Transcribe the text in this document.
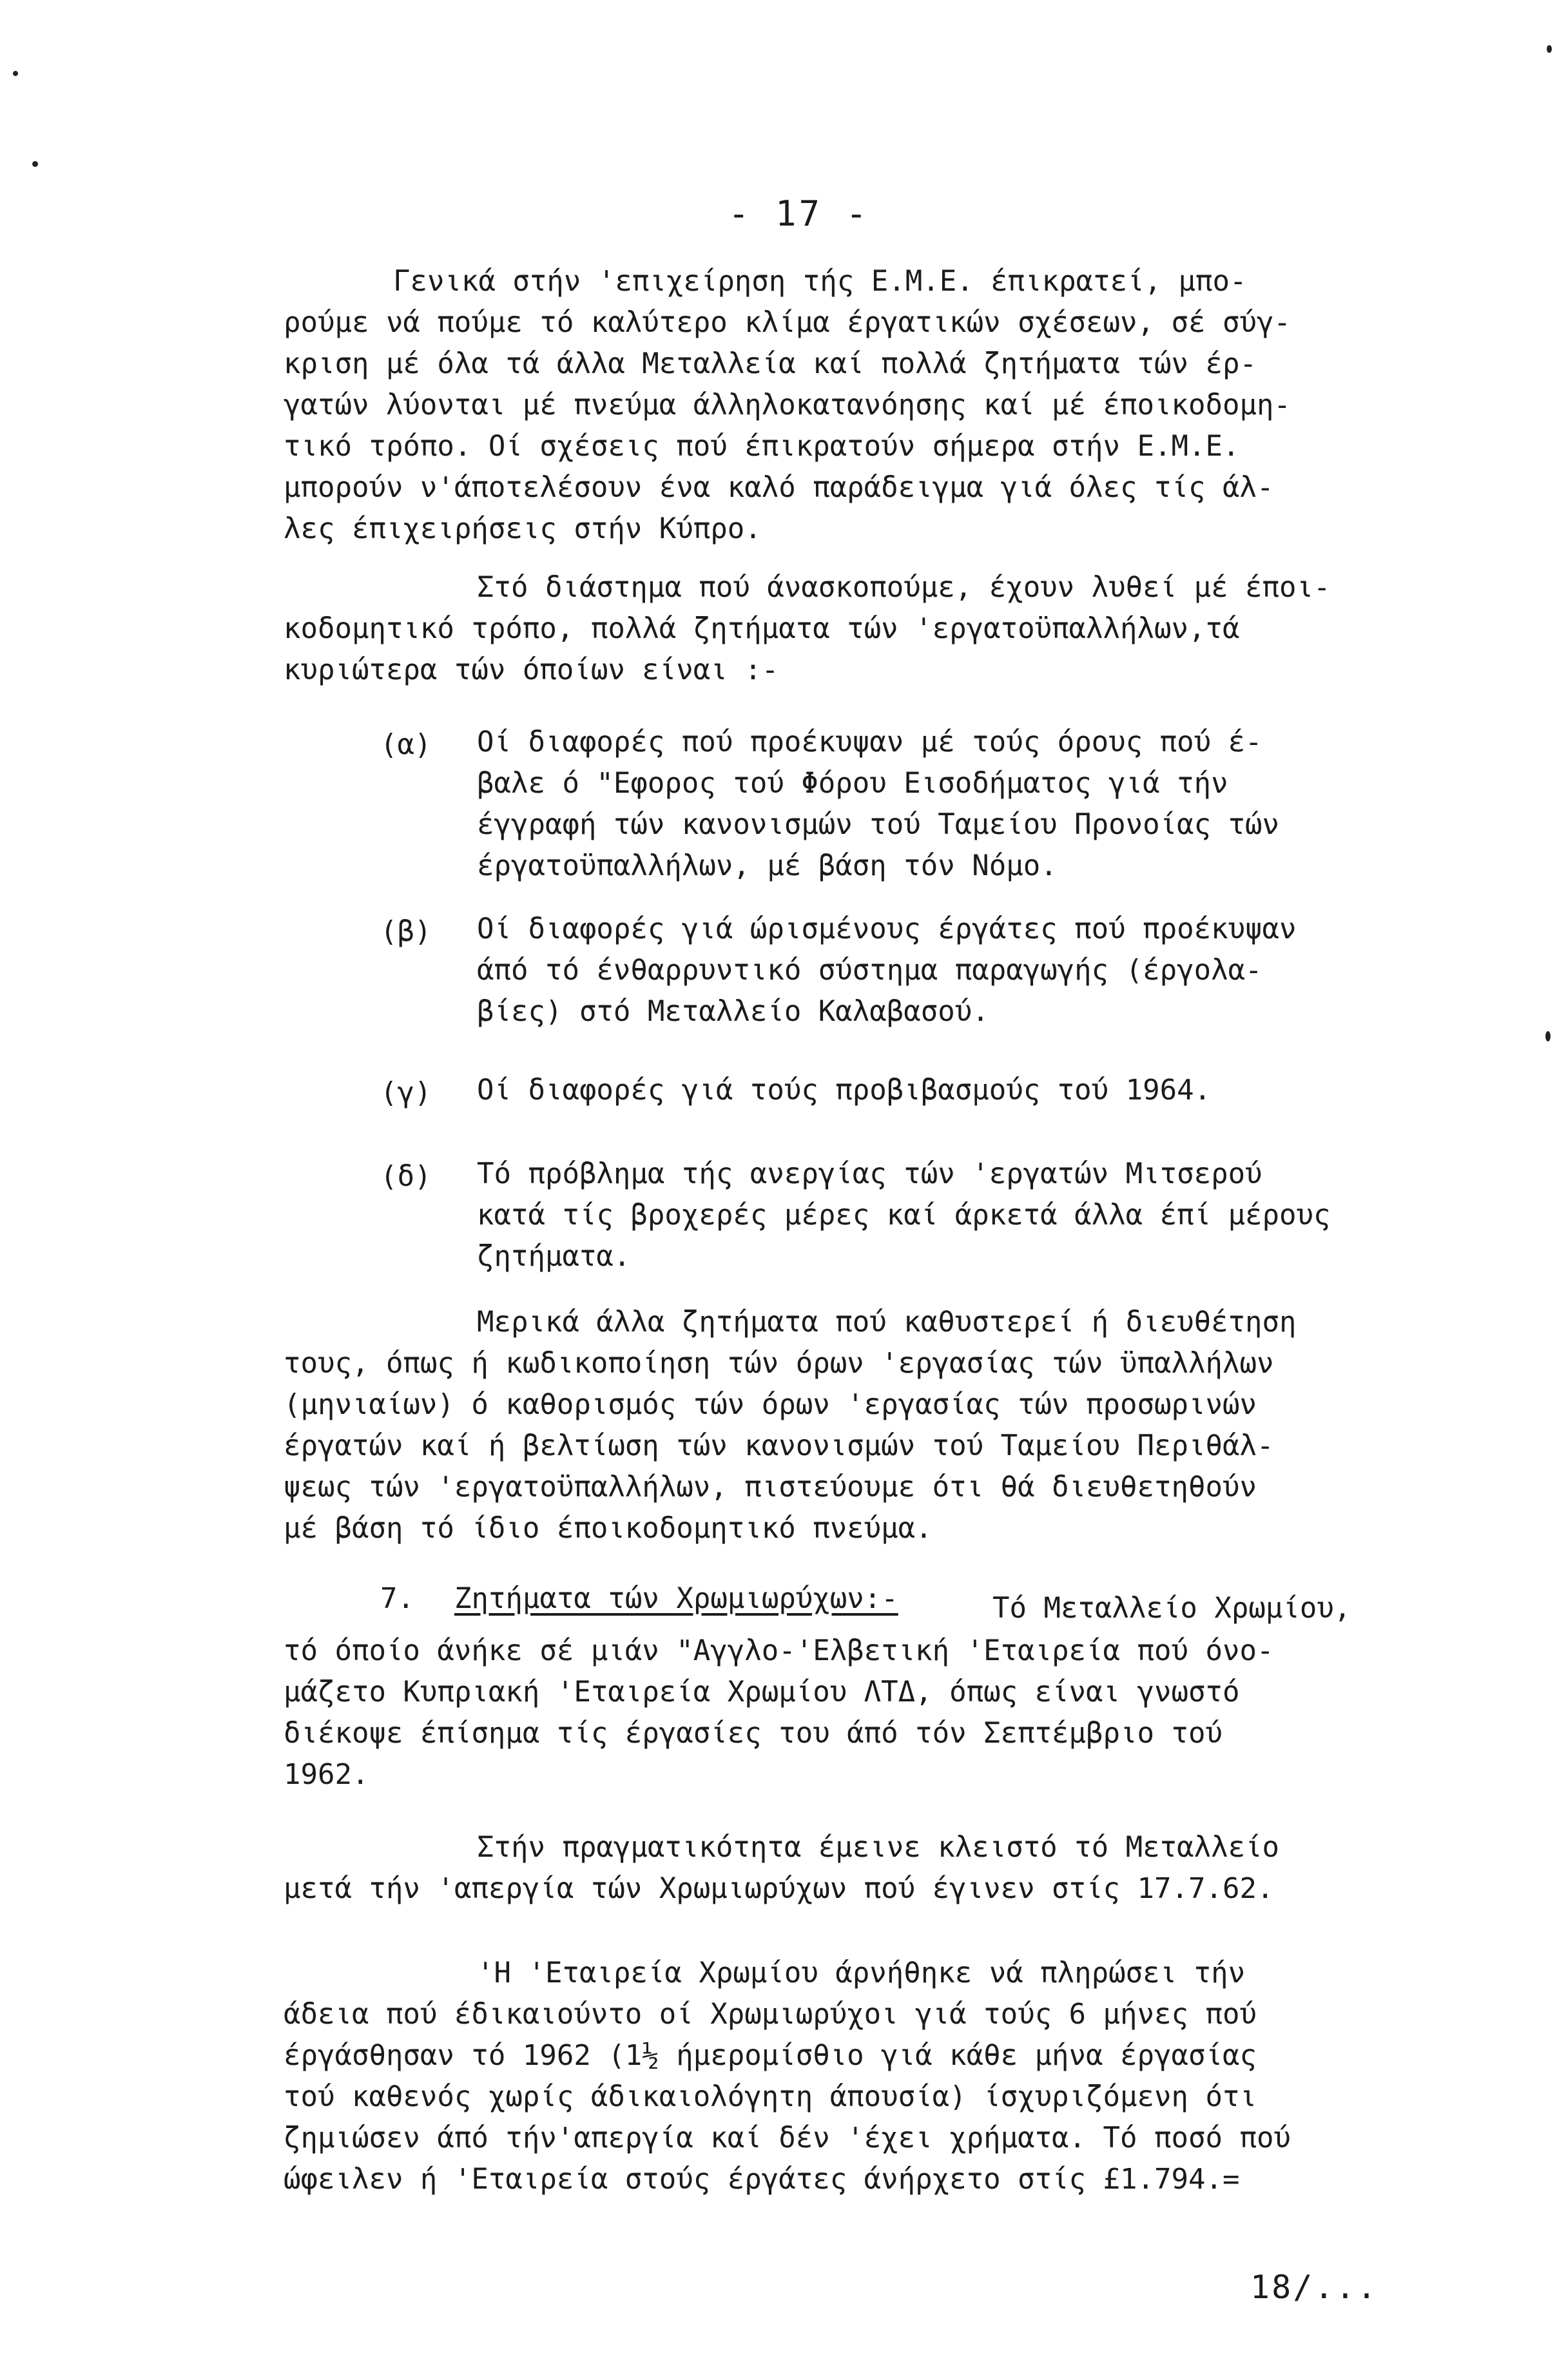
- 17 -
Γενικά στήν 'επιχείρηση τής Ε.Μ.Ε. έπικρατεί, μπο-
ρούμε νά πούμε τό καλύτερο κλίμα έργατικών σχέσεων, σέ σύγ-
κριση μέ όλα τά άλλα Μεταλλεία καί πολλά ζητήματα τών έρ-
γατών λύονται μέ πνεύμα άλληλοκατανόησης καί μέ έποικοδομη-
τικό τρόπο. Οί σχέσεις πού έπικρατούν σήμερα στήν Ε.Μ.Ε.
μπορούν ν'άποτελέσουν ένα καλό παράδειγμα γιά όλες τίς άλ-
λες έπιχειρήσεις στήν Κύπρο.
Στό διάστημα πού άνασκοπούμε, έχουν λυθεί μέ έποι-
κοδομητικό τρόπο, πολλά ζητήματα τών 'εργατοϋπαλλήλων,τά
κυριώτερα τών όποίων είναι :-
(α) Οί διαφορές πού προέκυψαν μέ τούς όρους πού έ-
βαλε ό "Εφορος τού Φόρου Εισοδήματος γιά τήν
έγγραφή τών κανονισμών τού Ταμείου Προνοίας τών
έργατοϋπαλλήλων, μέ βάση τόν Νόμο.
(β) Οί διαφορές γιά ώρισμένους έργάτες πού προέκυψαν
άπό τό ένθαρρυντικό σύστημα παραγωγής (έργολα-
βίες) στό Μεταλλείο Καλαβασού.
(γ) Οί διαφορές γιά τούς προβιβασμούς τού 1964.
(δ) Τό πρόβλημα τής ανεργίας τών 'εργατών Μιτσερού
κατά τίς βροχερές μέρες καί άρκετά άλλα έπί μέρους
ζητήματα.
Μερικά άλλα ζητήματα πού καθυστερεί ή διευθέτηση
τους, όπως ή κωδικοποίηση τών όρων 'εργασίας τών ϋπαλλήλων
(μηνιαίων) ό καθορισμός τών όρων 'εργασίας τών προσωρινών
έργατών καί ή βελτίωση τών κανονισμών τού Ταμείου Περιθάλ-
ψεως τών 'εργατοϋπαλλήλων, πιστεύουμε ότι θά διευθετηθούν
μέ βάση τό ίδιο έποικοδομητικό πνεύμα.
7. Ζητήματα τών Χρωμιωρύχων:-	Τό Μεταλλείο Χρωμίου,
τό όποίο άνήκε σέ μιάν "Αγγλο-'Ελβετική 'Εταιρεία πού όνο-
μάζετο Κυπριακή 'Εταιρεία Χρωμίου ΛΤΔ, όπως είναι γνωστό
διέκοψε έπίσημα τίς έργασίες του άπό τόν Σεπτέμβριο τού
1962.
Στήν πραγματικότητα έμεινε κλειστό τό Μεταλλείο
μετά τήν 'απεργία τών Χρωμιωρύχων πού έγινεν στίς 17.7.62.
'Η 'Εταιρεία Χρωμίου άρνήθηκε νά πληρώσει τήν
άδεια πού έδικαιούντο οί Χρωμιωρύχοι γιά τούς 6 μήνες πού
έργάσθησαν τό 1962 (1½ ήμερομίσθιο γιά κάθε μήνα έργασίας
τού καθενός χωρίς άδικαιολόγητη άπουσία) ίσχυριζόμενη ότι
ζημιώσεν άπό τήν'απεργία καί δέν 'έχει χρήματα. Τό ποσό πού
ώφειλεν ή 'Εταιρεία στούς έργάτες άνήρχετο στίς £1.794.=
18/...
